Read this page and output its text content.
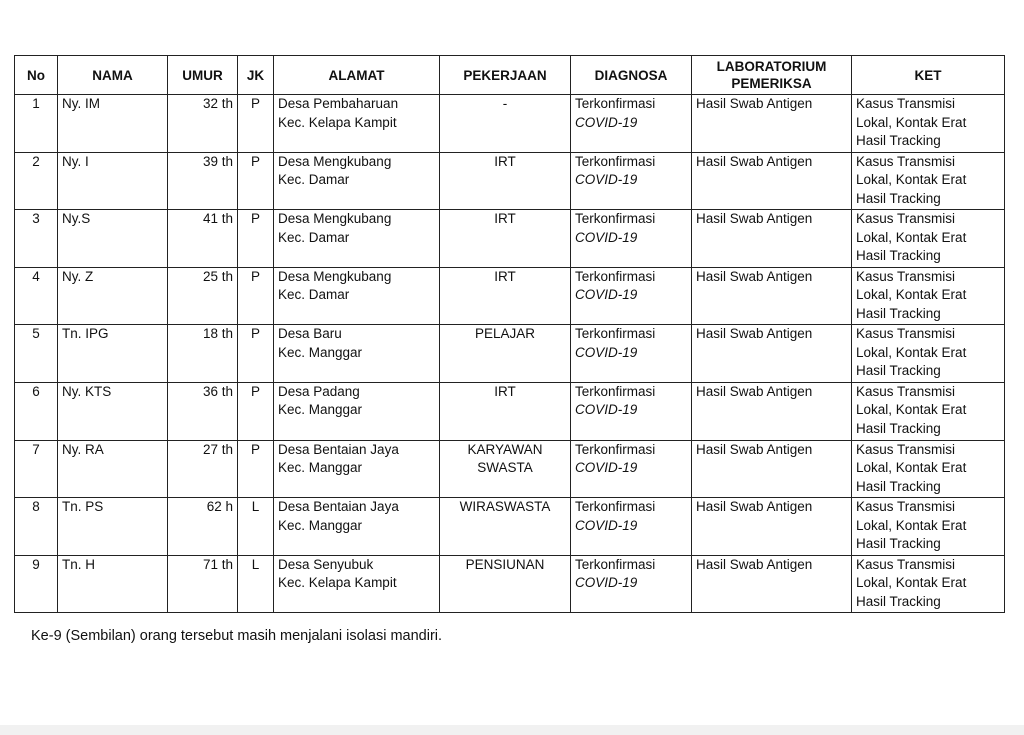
No	NAMA	UMUR	JK	ALAMAT	PEKERJAAN	DIAGNOSA	LABORATORIUM PEMERIKSA	KET
1	Ny. IM	32 th	P	Desa Pembaharuan
Kec. Kelapa Kampit	-	Terkonfirmasi
COVID-19	Hasil Swab Antigen	Kasus Transmisi
Lokal, Kontak Erat
Hasil Tracking

2	Ny. I	39 th	P	Desa Mengkubang
Kec. Damar	IRT	Terkonfirmasi
COVID-19	Hasil Swab Antigen	Kasus Transmisi
Lokal, Kontak Erat
Hasil Tracking

3	Ny.S	41 th	P	Desa Mengkubang
Kec. Damar	IRT	Terkonfirmasi
COVID-19	Hasil Swab Antigen	Kasus Transmisi
Lokal, Kontak Erat
Hasil Tracking

4	Ny. Z	25 th	P	Desa Mengkubang
Kec. Damar	IRT	Terkonfirmasi
COVID-19	Hasil Swab Antigen	Kasus Transmisi
Lokal, Kontak Erat
Hasil Tracking

5	Tn. IPG	18 th	P	Desa Baru
Kec. Manggar	PELAJAR	Terkonfirmasi
COVID-19	Hasil Swab Antigen	Kasus Transmisi
Lokal, Kontak Erat
Hasil Tracking

6	Ny. KTS	36 th	P	Desa Padang
Kec. Manggar	IRT	Terkonfirmasi
COVID-19	Hasil Swab Antigen	Kasus Transmisi
Lokal, Kontak Erat
Hasil Tracking

7	Ny. RA	27 th	P	Desa Bentaian Jaya
Kec. Manggar	KARYAWAN
SWASTA	Terkonfirmasi
COVID-19	Hasil Swab Antigen	Kasus Transmisi
Lokal, Kontak Erat
Hasil Tracking

8	Tn. PS	62 h	L	Desa Bentaian Jaya
Kec. Manggar	WIRASWASTA	Terkonfirmasi
COVID-19	Hasil Swab Antigen	Kasus Transmisi
Lokal, Kontak Erat
Hasil Tracking

9	Tn. H	71 th	L	Desa Senyubuk
Kec. Kelapa Kampit	PENSIUNAN	Terkonfirmasi
COVID-19	Hasil Swab Antigen	Kasus Transmisi
Lokal, Kontak Erat
Hasil Tracking
Ke-9 (Sembilan) orang tersebut masih menjalani isolasi mandiri.
